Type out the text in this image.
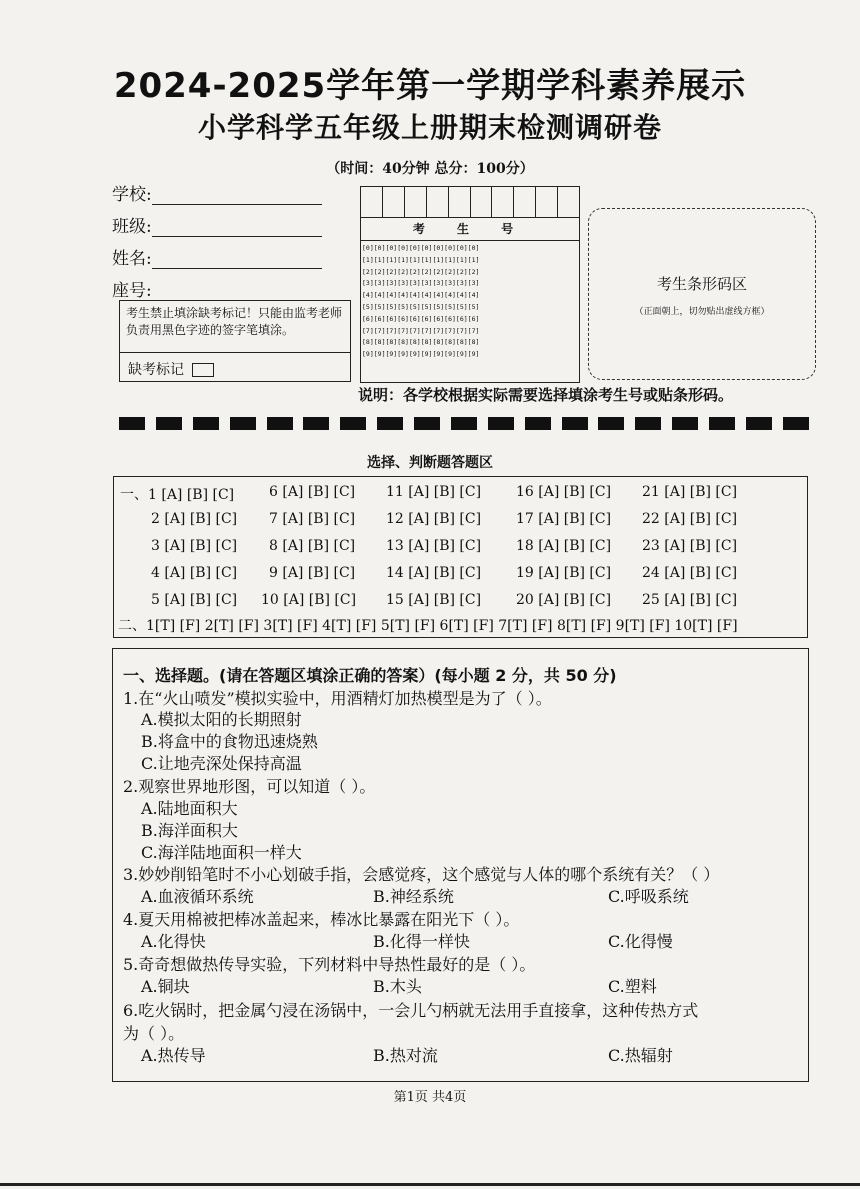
2024-2025学年第一学期学科素养展示
小学科学五年级上册期末检测调研卷
（时间：40分钟 总分：100分）
学校:
班级:
姓名:
座号:
考生禁止填涂缺考标记！只能由监考老师负责用黑色字迹的签字笔填涂。
缺考标记
考 生 号
[0][0][0][0][0][0][0][0][0][0]
[1][1][1][1][1][1][1][1][1][1]
[2][2][2][2][2][2][2][2][2][2]
[3][3][3][3][3][3][3][3][3][3]
[4][4][4][4][4][4][4][4][4][4]
[5][5][5][5][5][5][5][5][5][5]
[6][6][6][6][6][6][6][6][6][6]
[7][7][7][7][7][7][7][7][7][7]
[8][8][8][8][8][8][8][8][8][8]
[9][9][9][9][9][9][9][9][9][9]
考生条形码区
（正面朝上，切勿贴出虚线方框）
说明：各学校根据实际需要选择填涂考生号或贴条形码。
选择、判断题答题区
一、1 [A] [B] [C] 6 [A] [B] [C] 11 [A] [B] [C] 16 [A] [B] [C] 21 [A] [B] [C]
2 [A] [B] [C] 7 [A] [B] [C] 12 [A] [B] [C] 17 [A] [B] [C] 22 [A] [B] [C]
3 [A] [B] [C] 8 [A] [B] [C] 13 [A] [B] [C] 18 [A] [B] [C] 23 [A] [B] [C]
4 [A] [B] [C] 9 [A] [B] [C] 14 [A] [B] [C] 19 [A] [B] [C] 24 [A] [B] [C]
5 [A] [B] [C] 10 [A] [B] [C] 15 [A] [B] [C] 20 [A] [B] [C] 25 [A] [B] [C]
二、1[T] [F] 2[T] [F] 3[T] [F] 4[T] [F] 5[T] [F] 6[T] [F] 7[T] [F] 8[T] [F] 9[T] [F] 10[T] [F]
一、选择题。(请在答题区填涂正确的答案）(每小题 2 分，共 50 分)
1.在“火山喷发”模拟实验中，用酒精灯加热模型是为了（ ）。
A.模拟太阳的长期照射
B.将盒中的食物迅速烧熟
C.让地壳深处保持高温
2.观察世界地形图，可以知道（ ）。
A.陆地面积大
B.海洋面积大
C.海洋陆地面积一样大
3.妙妙削铅笔时不小心划破手指，会感觉疼，这个感觉与人体的哪个系统有关？（ ）
A.血液循环系统	B.神经系统	C.呼吸系统
4.夏天用棉被把棒冰盖起来，棒冰比暴露在阳光下（ ）。
A.化得快	B.化得一样快	C.化得慢
5.奇奇想做热传导实验，下列材料中导热性最好的是（ ）。
A.铜块	B.木头	C.塑料
6.吃火锅时，把金属勺浸在汤锅中，一会儿勺柄就无法用手直接拿，这种传热方式
为（ ）。
A.热传导	B.热对流	C.热辐射
第1页 共4页
